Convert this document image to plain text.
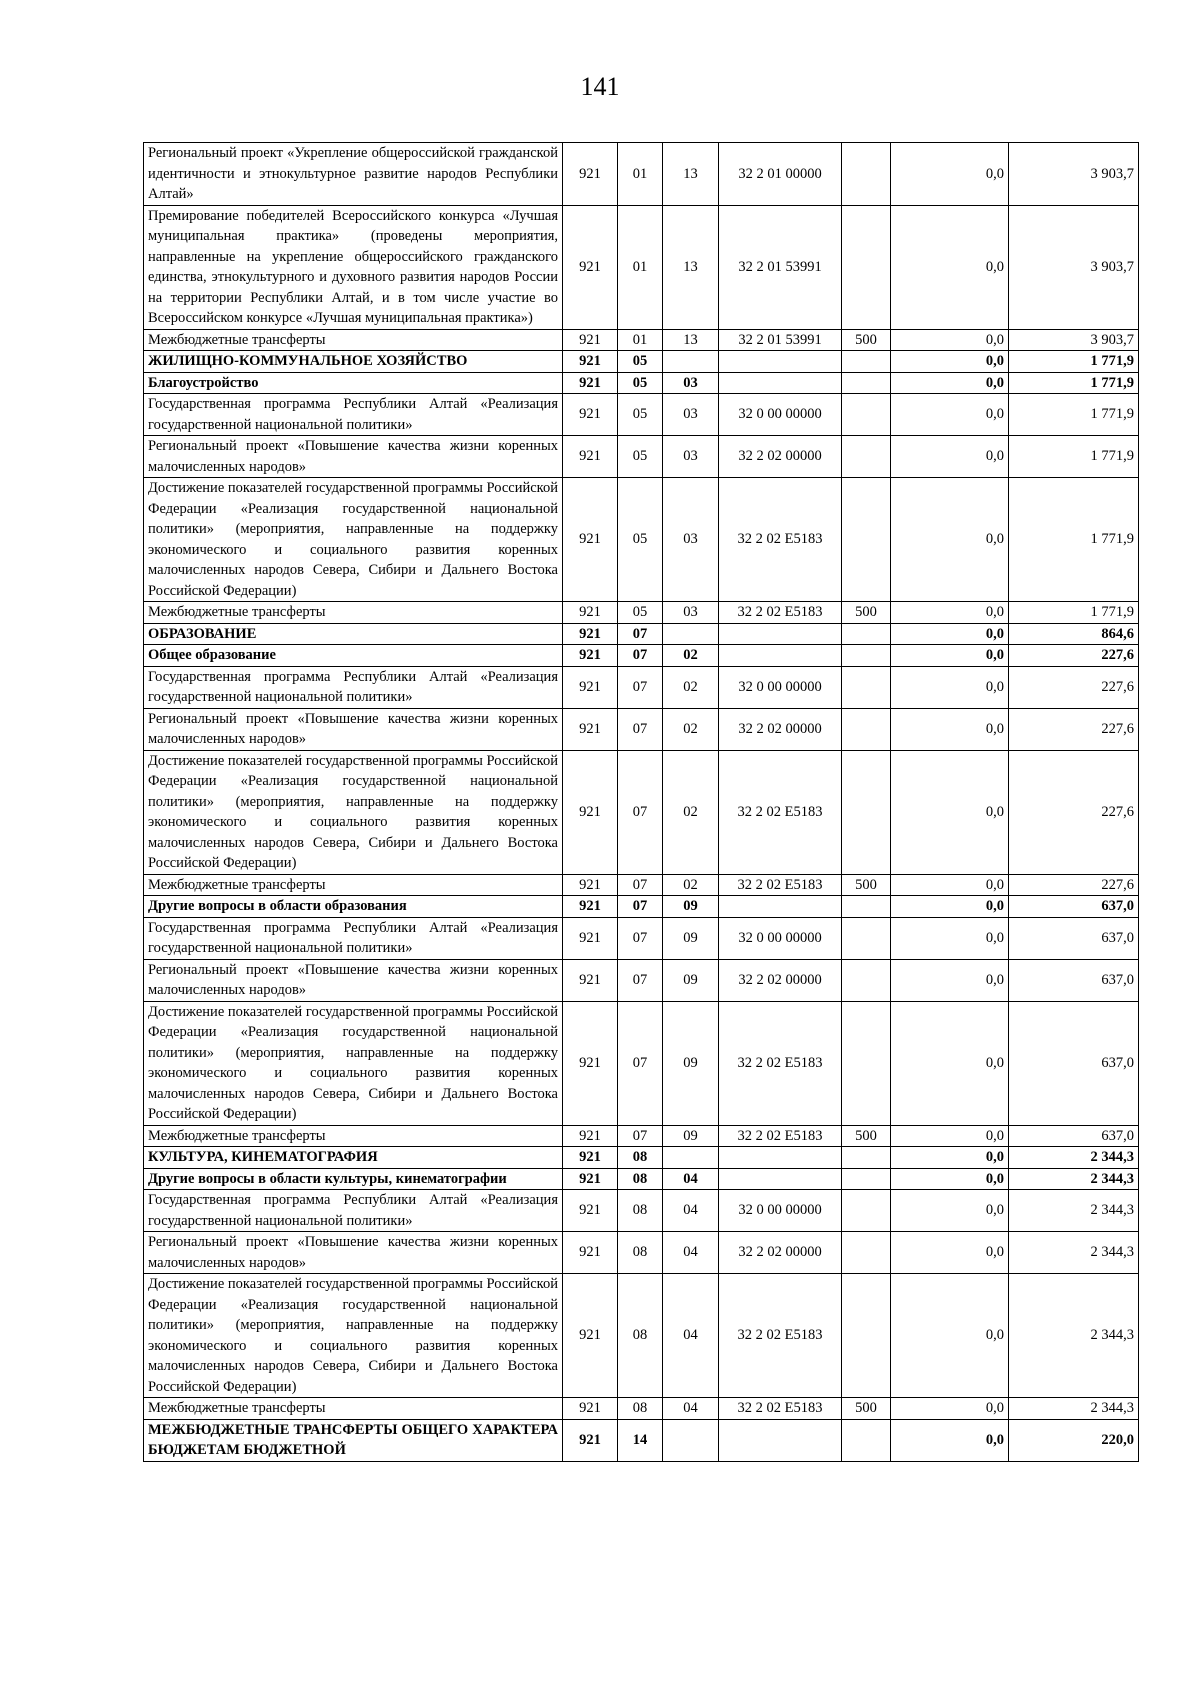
141
Региональный проект «Укрепление общероссийской гражданской идентичности и этнокультурное развитие народов Республики Алтай»	921	01	13	32 2 01 00000		0,0	3 903,7
Премирование победителей Всероссийского конкурса «Лучшая муниципальная практика» (проведены мероприятия, направленные на укрепление общероссийского гражданского единства, этнокультурного и духовного развития народов России на территории Республики Алтай, и в том числе участие во Всероссийском конкурсе «Лучшая муниципальная практика»)	921	01	13	32 2 01 53991		0,0	3 903,7
Межбюджетные трансферты	921	01	13	32 2 01 53991	500	0,0	3 903,7
ЖИЛИЩНО-КОММУНАЛЬНОЕ ХОЗЯЙСТВО	921	05				0,0	1 771,9
Благоустройство	921	05	03			0,0	1 771,9
Государственная программа Республики Алтай «Реализация государственной национальной политики»	921	05	03	32 0 00 00000		0,0	1 771,9
Региональный проект «Повышение качества жизни коренных малочисленных народов»	921	05	03	32 2 02 00000		0,0	1 771,9
Достижение показателей государственной программы Российской Федерации «Реализация государственной национальной политики» (мероприятия, направленные на поддержку экономического и социального развития коренных малочисленных народов Севера, Сибири и Дальнего Востока Российской Федерации)	921	05	03	32 2 02 E5183		0,0	1 771,9
Межбюджетные трансферты	921	05	03	32 2 02 E5183	500	0,0	1 771,9
ОБРАЗОВАНИЕ	921	07				0,0	864,6
Общее образование	921	07	02			0,0	227,6
Государственная программа Республики Алтай «Реализация государственной национальной политики»	921	07	02	32 0 00 00000		0,0	227,6
Региональный проект «Повышение качества жизни коренных малочисленных народов»	921	07	02	32 2 02 00000		0,0	227,6
Достижение показателей государственной программы Российской Федерации «Реализация государственной национальной политики» (мероприятия, направленные на поддержку экономического и социального развития коренных малочисленных народов Севера, Сибири и Дальнего Востока Российской Федерации)	921	07	02	32 2 02 E5183		0,0	227,6
Межбюджетные трансферты	921	07	02	32 2 02 E5183	500	0,0	227,6
Другие вопросы в области образования	921	07	09			0,0	637,0
Государственная программа Республики Алтай «Реализация государственной национальной политики»	921	07	09	32 0 00 00000		0,0	637,0
Региональный проект «Повышение качества жизни коренных малочисленных народов»	921	07	09	32 2 02 00000		0,0	637,0
Достижение показателей государственной программы Российской Федерации «Реализация государственной национальной политики» (мероприятия, направленные на поддержку экономического и социального развития коренных малочисленных народов Севера, Сибири и Дальнего Востока Российской Федерации)	921	07	09	32 2 02 E5183		0,0	637,0
Межбюджетные трансферты	921	07	09	32 2 02 E5183	500	0,0	637,0
КУЛЬТУРА, КИНЕМАТОГРАФИЯ	921	08				0,0	2 344,3
Другие вопросы в области культуры, кинематографии	921	08	04			0,0	2 344,3
Государственная программа Республики Алтай «Реализация государственной национальной политики»	921	08	04	32 0 00 00000		0,0	2 344,3
Региональный проект «Повышение качества жизни коренных малочисленных народов»	921	08	04	32 2 02 00000		0,0	2 344,3
Достижение показателей государственной программы Российской Федерации «Реализация государственной национальной политики» (мероприятия, направленные на поддержку экономического и социального развития коренных малочисленных народов Севера, Сибири и Дальнего Востока Российской Федерации)	921	08	04	32 2 02 E5183		0,0	2 344,3
Межбюджетные трансферты	921	08	04	32 2 02 E5183	500	0,0	2 344,3
МЕЖБЮДЖЕТНЫЕ ТРАНСФЕРТЫ ОБЩЕГО ХАРАКТЕРА БЮДЖЕТАМ БЮДЖЕТНОЙ	921	14				0,0	220,0
